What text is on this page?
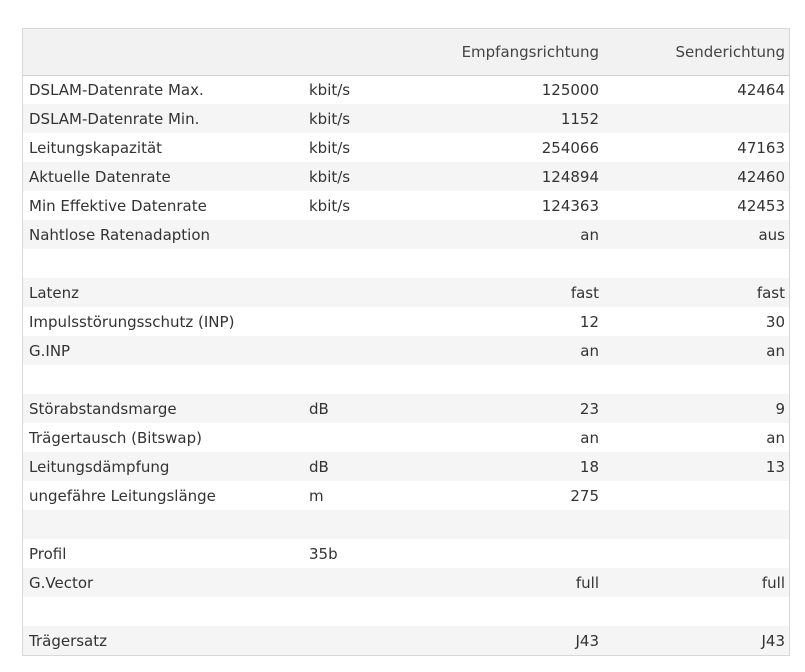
		Empfangsrichtung	Senderichtung
DSLAM-Datenrate Max.	kbit/s	125000	42464
DSLAM-Datenrate Min.	kbit/s	1152	
Leitungskapazität	kbit/s	254066	47163
Aktuelle Datenrate	kbit/s	124894	42460
Min Effektive Datenrate	kbit/s	124363	42453
Nahtlose Ratenadaption		an	aus

Latenz		fast	fast
Impulsstörungsschutz (INP)		12	30
G.INP		an	an

Störabstandsmarge	dB	23	9
Trägertausch (Bitswap)		an	an
Leitungsdämpfung	dB	18	13
ungefähre Leitungslänge	m	275	

Profil	35b		
G.Vector		full	full

Trägersatz		J43	J43
